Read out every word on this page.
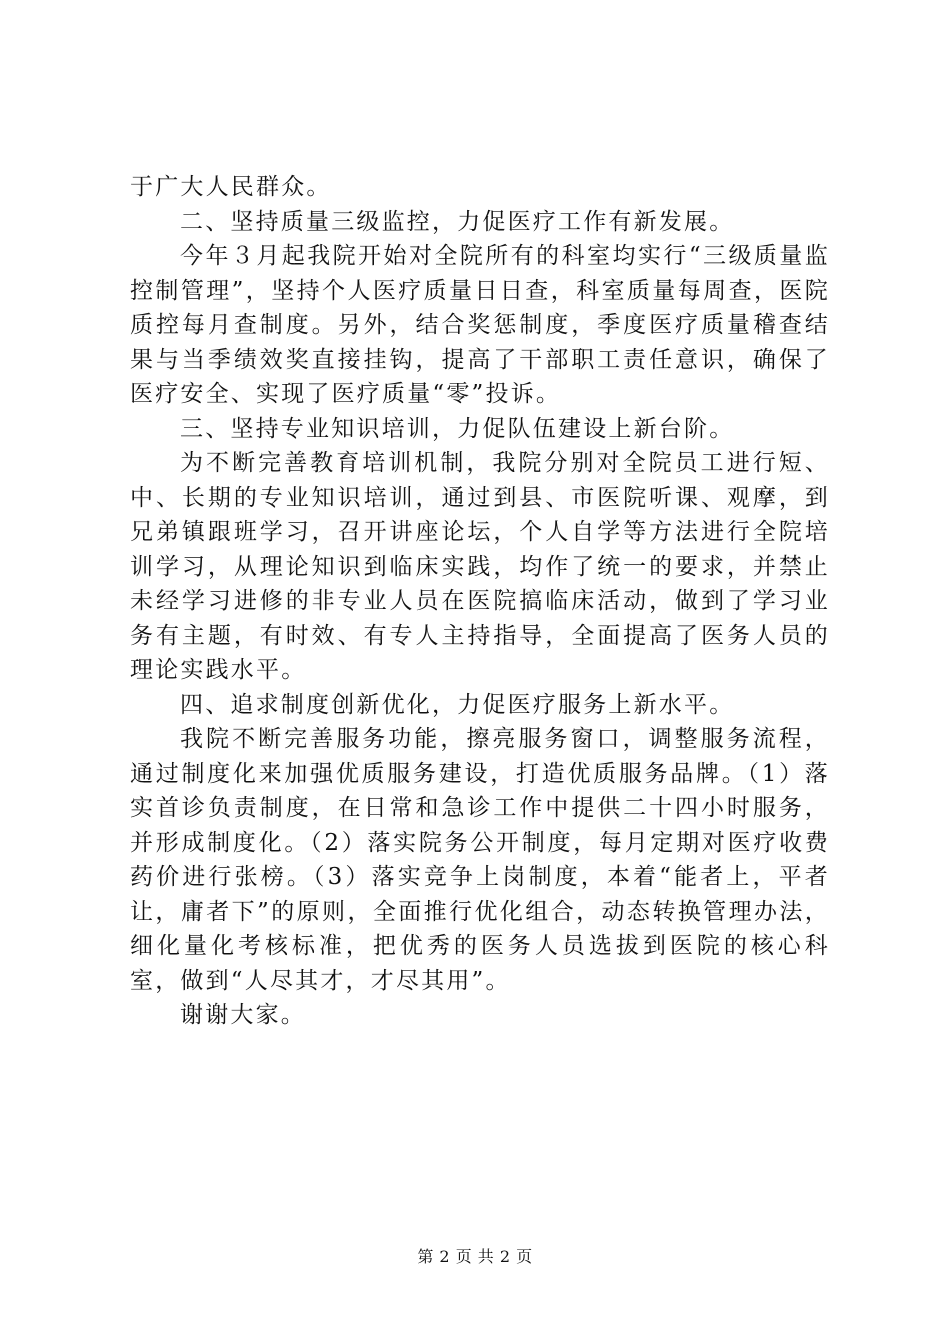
于广大人民群众。

二、坚持质量三级监控，力促医疗工作有新发展。

今年３月起我院开始对全院所有的科室均实行“三级质量监控制管理”，坚持个人医疗质量日日查，科室质量每周查，医院质控每月查制度。另外，结合奖惩制度，季度医疗质量稽查结果与当季绩效奖直接挂钩，提高了干部职工责任意识，确保了医疗安全、实现了医疗质量“零”投诉。

三、坚持专业知识培训，力促队伍建设上新台阶。

为不断完善教育培训机制，我院分别对全院员工进行短、中、长期的专业知识培训，通过到县、市医院听课、观摩，到兄弟镇跟班学习，召开讲座论坛，个人自学等方法进行全院培训学习，从理论知识到临床实践，均作了统一的要求，并禁止未经学习进修的非专业人员在医院搞临床活动，做到了学习业务有主题，有时效、有专人主持指导，全面提高了医务人员的理论实践水平。

四、追求制度创新优化，力促医疗服务上新水平。

我院不断完善服务功能，擦亮服务窗口，调整服务流程，通过制度化来加强优质服务建设，打造优质服务品牌。（1）落实首诊负责制度，在日常和急诊工作中提供二十四小时服务，并形成制度化。（2）落实院务公开制度，每月定期对医疗收费药价进行张榜。（3）落实竞争上岗制度，本着“能者上，平者让，庸者下”的原则，全面推行优化组合，动态转换管理办法，细化量化考核标准，把优秀的医务人员选拔到医院的核心科室，做到“人尽其才，才尽其用”。

谢谢大家。

第 2 页 共 2 页
